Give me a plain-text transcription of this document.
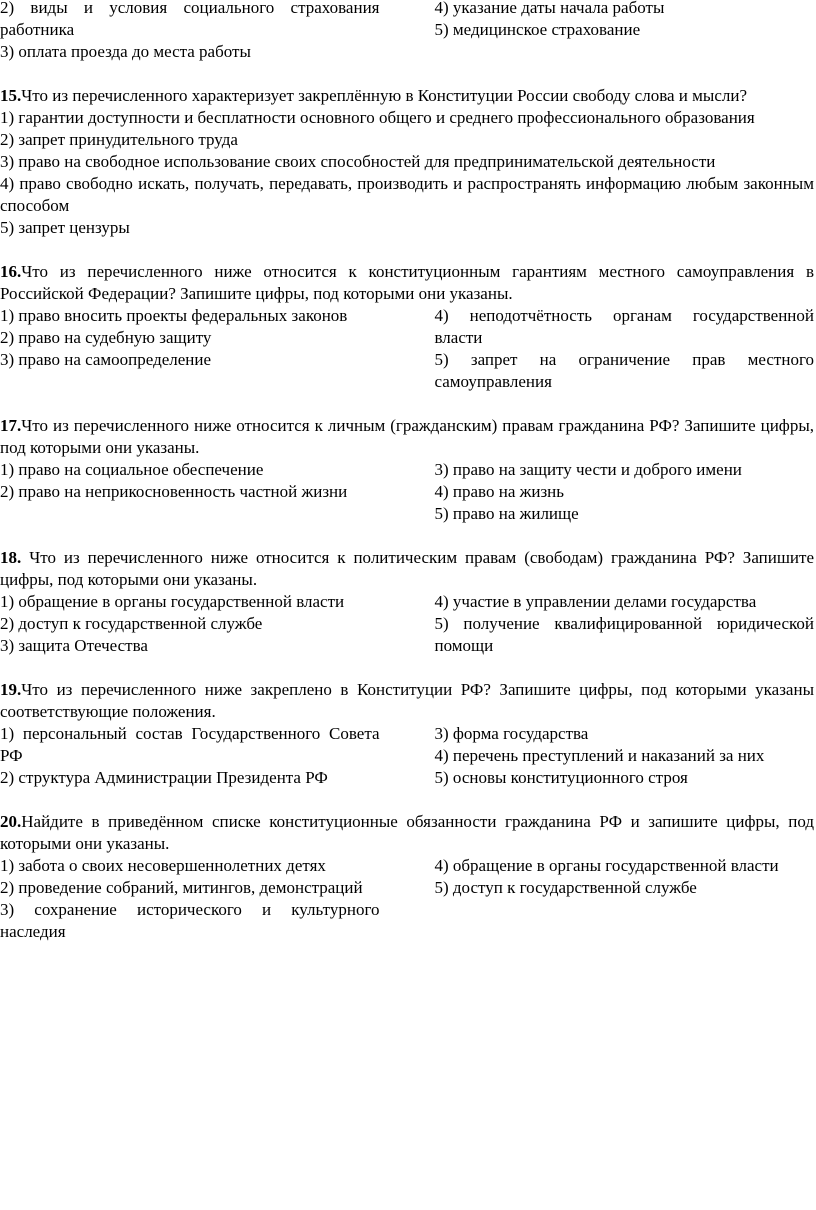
2) виды и условия социального страхования работника

3) оплата проезда до места работы

4) указание даты начала работы

5) медицинское страхование

15.Что из перечисленного характеризует закреплённую в Конституции России свободу слова и мысли?

1) гарантии доступности и бесплатности основного общего и среднего профессионального образования

2) запрет принудительного труда

3) право на свободное использование своих способностей для предпринимательской деятельности

4) право свободно искать, получать, передавать, производить и распространять информацию любым законным способом

5) запрет цензуры

16.Что из перечисленного ниже относится к конституционным гарантиям местного самоуправления в Российской Федерации? Запишите цифры, под которыми они указаны.

1) право вносить проекты федеральных законов

2) право на судебную защиту

3) право на самоопределение

4) неподотчётность органам государственной власти

5) запрет на ограничение прав местного самоуправления

17.Что из перечисленного ниже относится к личным (гражданским) правам гражданина РФ? Запишите цифры, под которыми они указаны.

1) право на социальное обеспечение

2) право на неприкосновенность частной жизни

3) право на защиту чести и доброго имени

4) право на жизнь

5) право на жилище

18. Что из перечисленного ниже относится к политическим правам (свободам) гражданина РФ? Запишите цифры, под которыми они указаны.

1) обращение в органы государственной власти

2) доступ к государственной службе

3) защита Отечества

4) участие в управлении делами государства

5) получение квалифицированной юридической помощи

19.Что из перечисленного ниже закреплено в Конституции РФ? Запишите цифры, под которыми указаны соответствующие положения.

1) персональный состав Государственного Совета РФ

2) структура Администрации Президента РФ

3) форма государства

4) перечень преступлений и наказаний за них

5) основы конституционного строя

20.Найдите в приведённом списке конституционные обязанности гражданина РФ и запишите цифры, под которыми они указаны.

1) забота о своих несовершеннолетних детях

2) проведение собраний, митингов, демонстраций

3) сохранение исторического и культурного наследия

4) обращение в органы государственной власти

5) доступ к государственной службе
